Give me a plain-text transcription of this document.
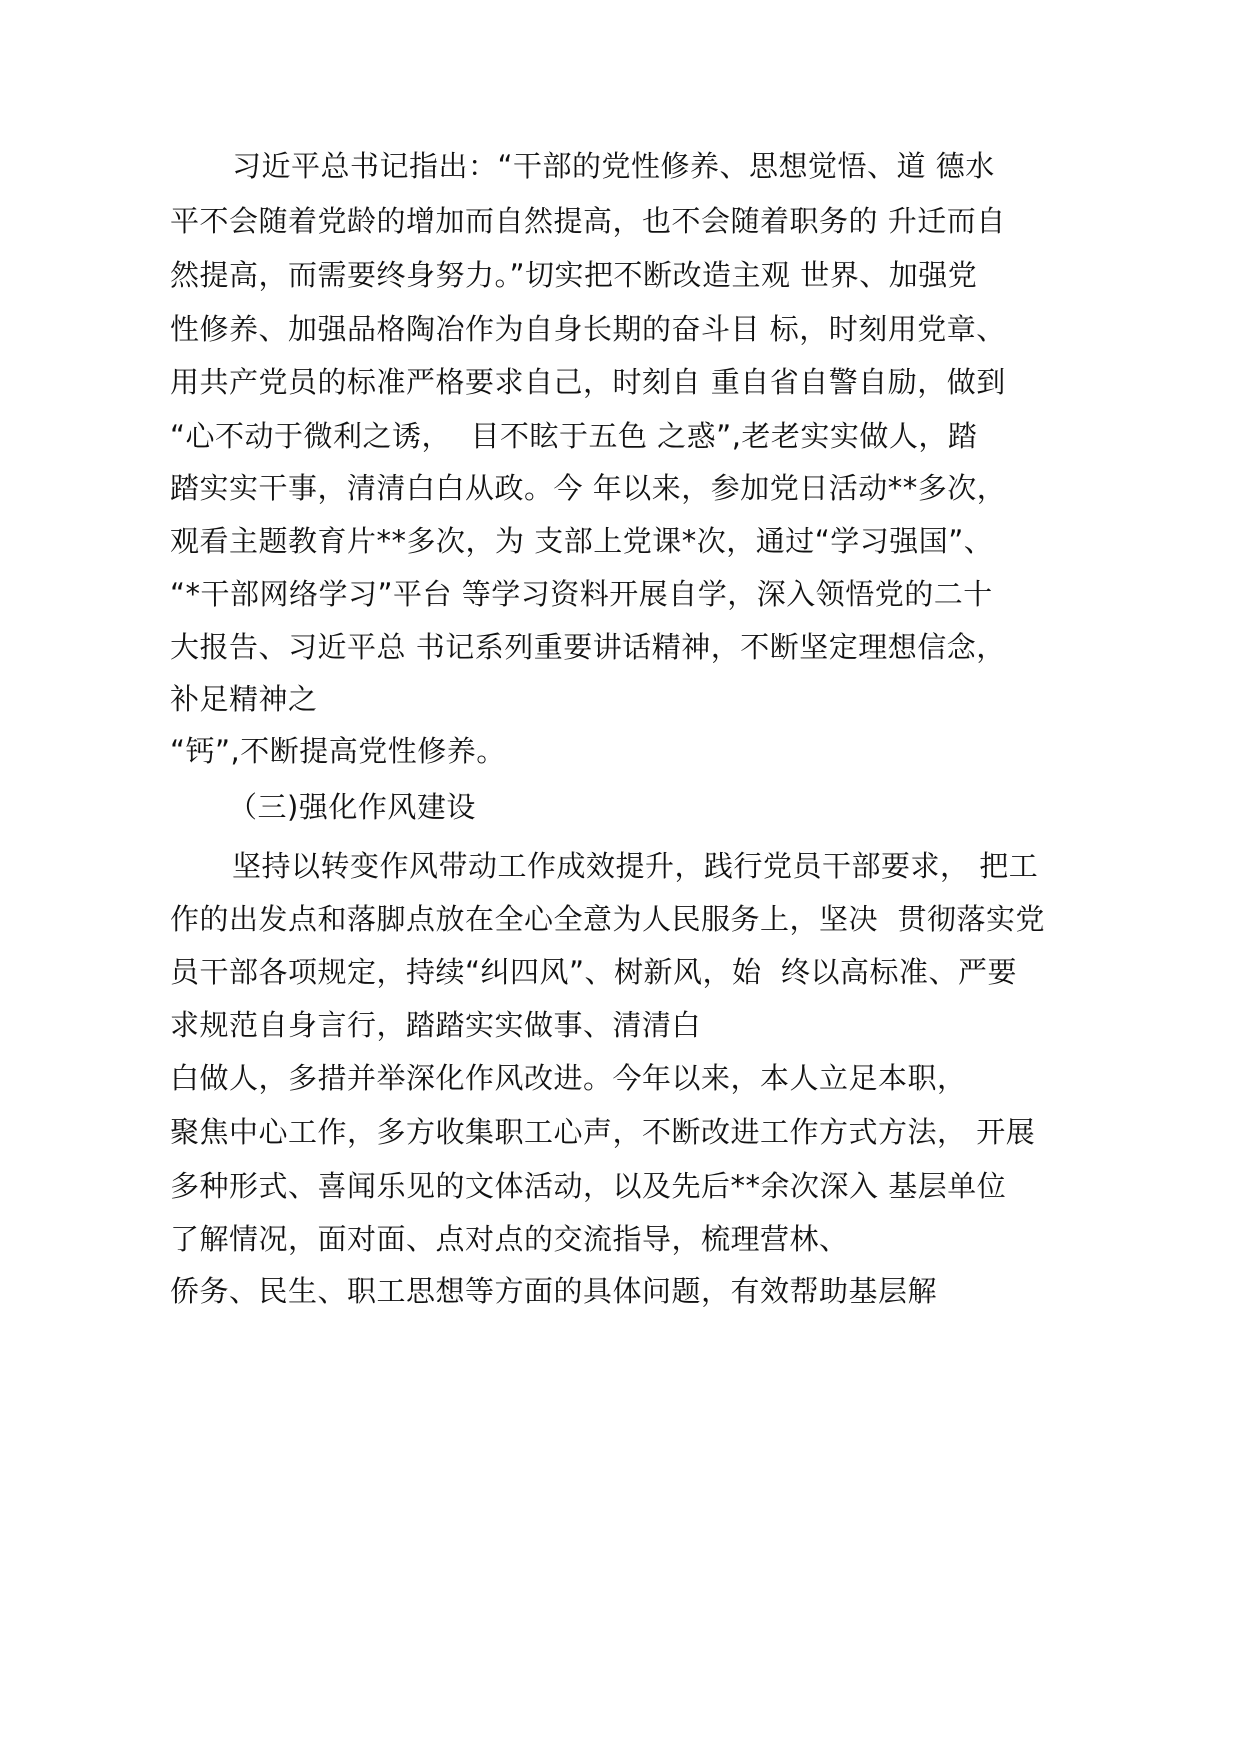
习近平总书记指出：“干部的党性修养、思想觉悟、道 德水
平不会随着党龄的增加而自然提高，也不会随着职务的 升迁而自
然提高，而需要终身努力。”切实把不断改造主观 世界、加强党
性修养、加强品格陶冶作为自身长期的奋斗目 标，时刻用党章、
用共产党员的标准严格要求自己，时刻自 重自省自警自励，做到
“心不动于微利之诱，  目不眩于五色 之惑”,老老实实做人，踏
踏实实干事，清清白白从政。今 年以来，参加党日活动**多次，
观看主题教育片**多次，为 支部上党课*次，通过“学习强国”、
“*干部网络学习”平台 等学习资料开展自学，深入领悟党的二十
大报告、习近平总 书记系列重要讲话精神，不断坚定理想信念，
补足精神之
“钙”,不断提高党性修养。
（三)强化作风建设
坚持以转变作风带动工作成效提升，践行党员干部要求， 把工
作的出发点和落脚点放在全心全意为人民服务上，坚决  贯彻落实党
员干部各项规定，持续“纠四风”、树新风，始  终以高标准、严要
求规范自身言行，踏踏实实做事、清清白
白做人，多措并举深化作风改进。今年以来，本人立足本职，
聚焦中心工作，多方收集职工心声，不断改进工作方式方法， 开展
多种形式、喜闻乐见的文体活动，以及先后**余次深入 基层单位
了解情况，面对面、点对点的交流指导，梳理营林、
侨务、民生、职工思想等方面的具体问题，有效帮助基层解
